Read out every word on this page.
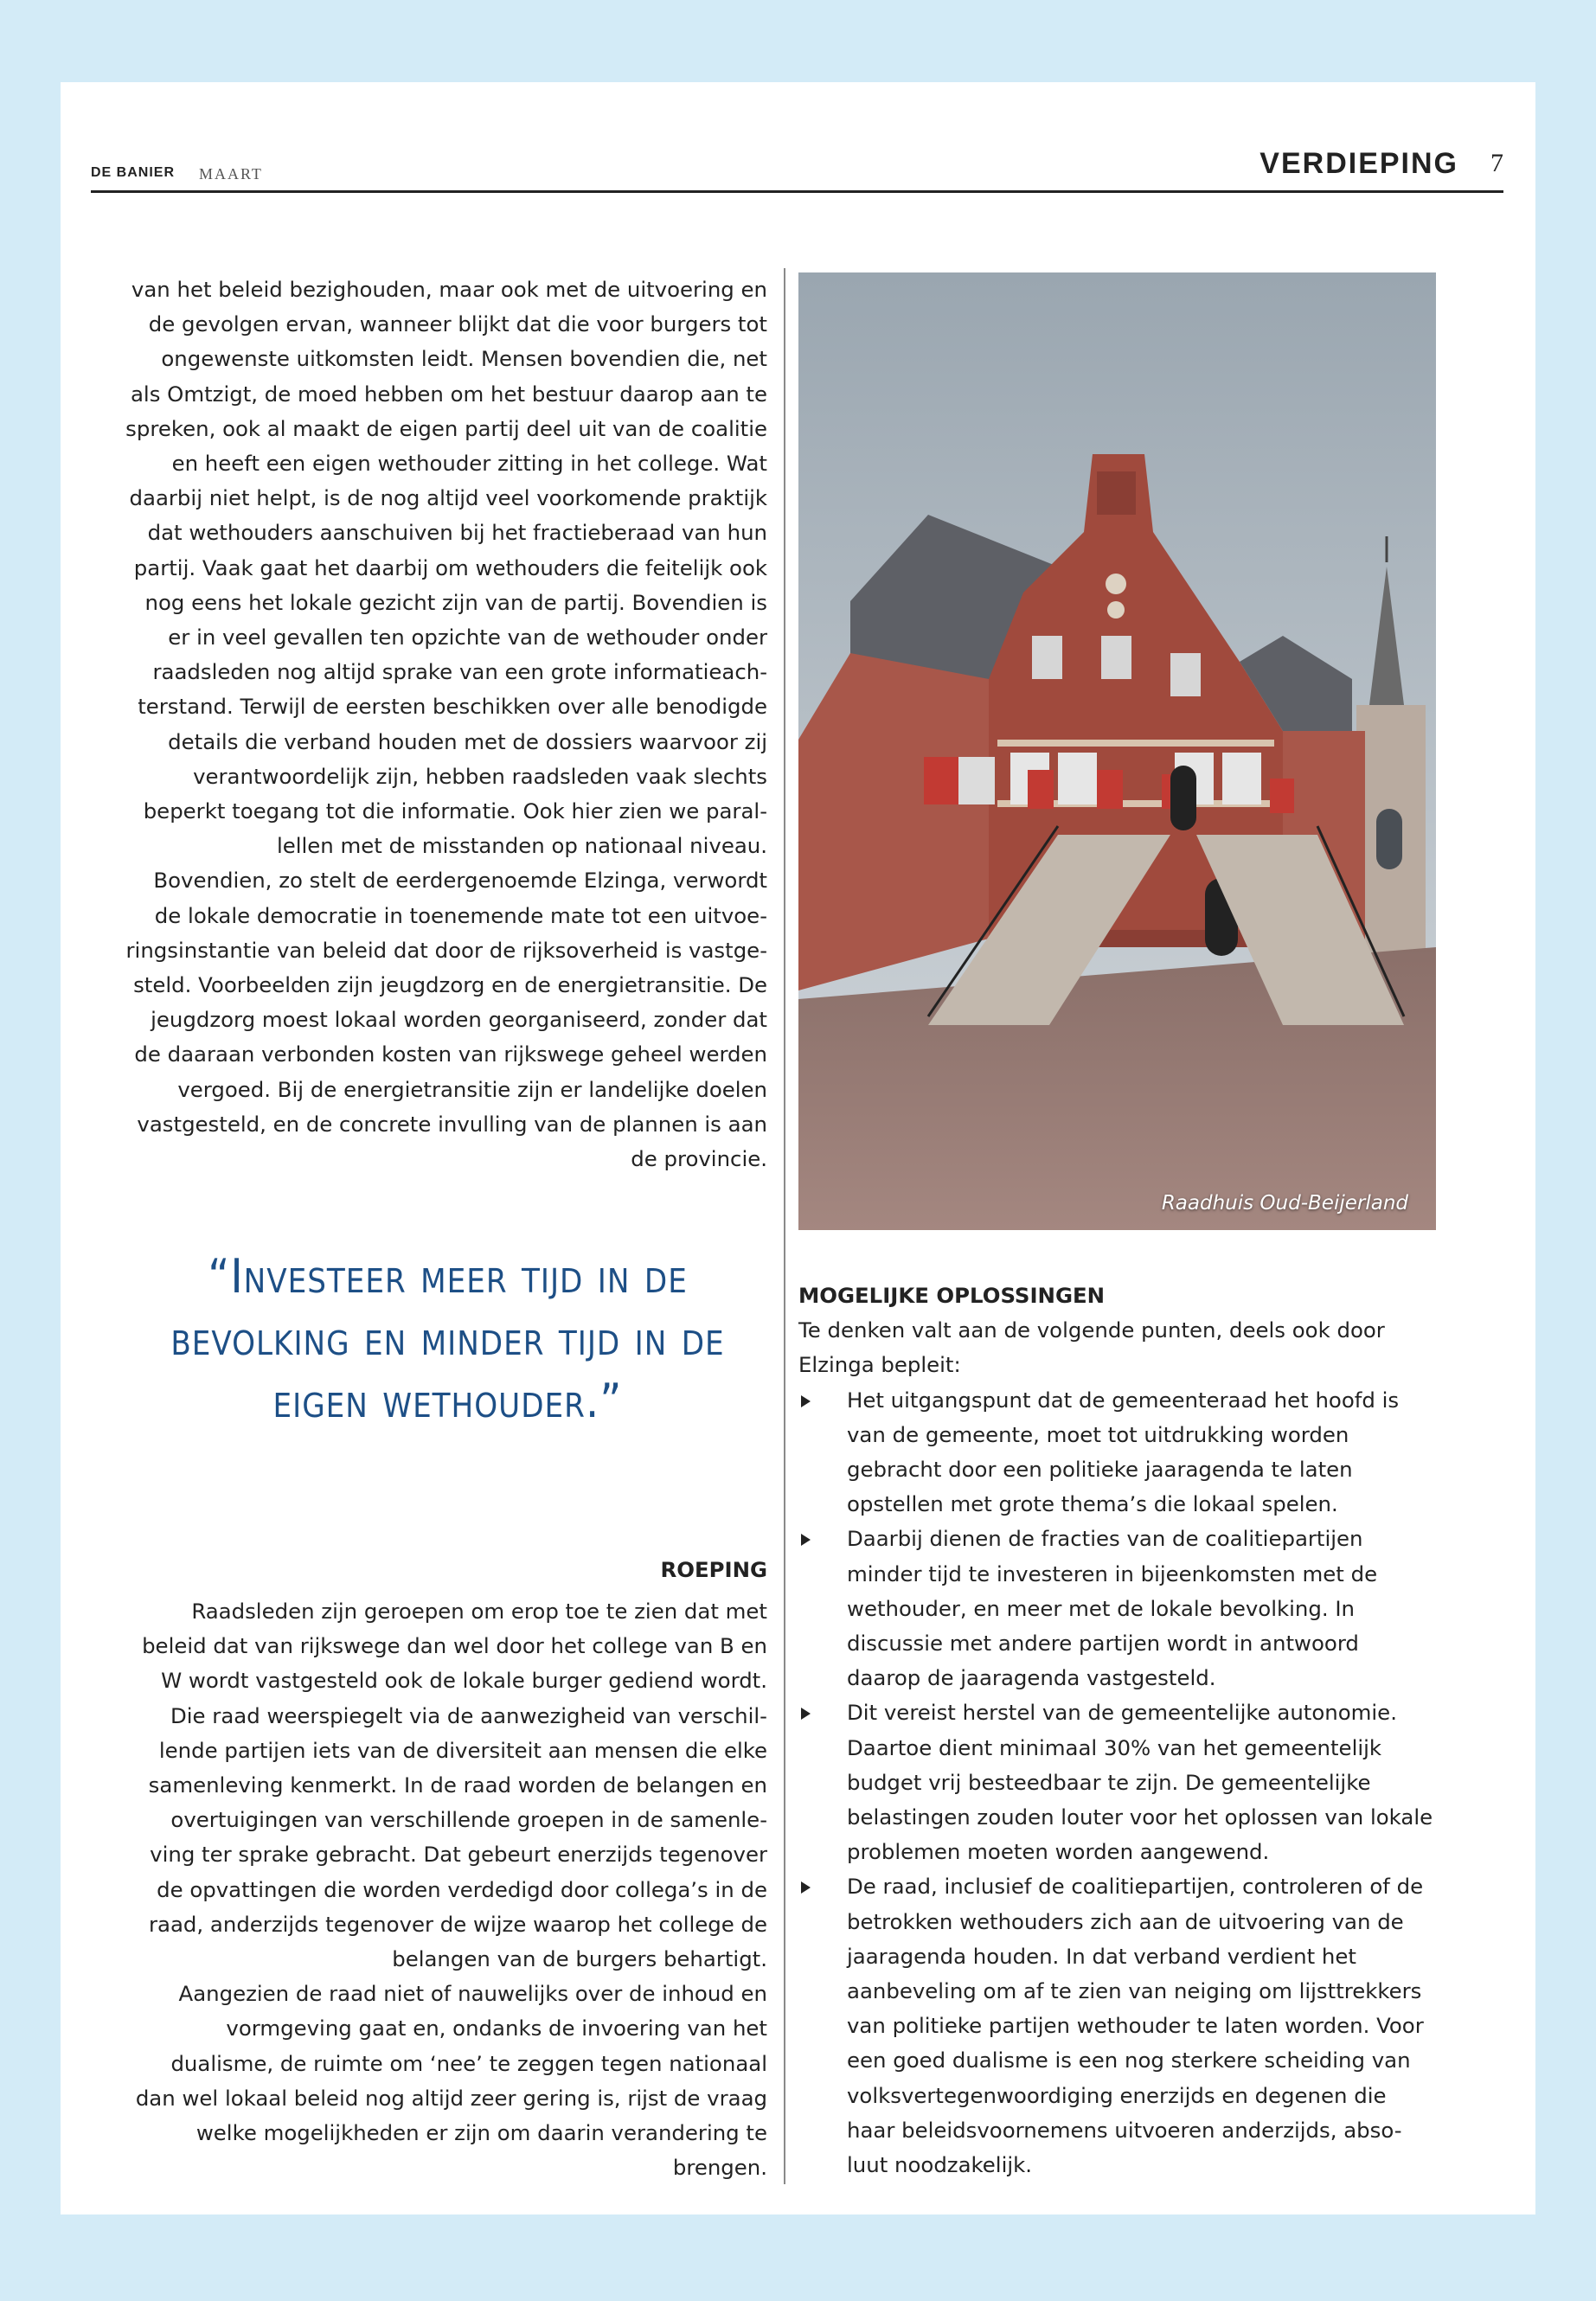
DE BANIER MAART	VERDIEPING 7

van het beleid bezighouden, maar ook met de uitvoering en de gevolgen ervan, wanneer blijkt dat die voor burgers tot ongewenste uitkomsten leidt. Mensen bovendien die, net als Omtzigt, de moed hebben om het bestuur daarop aan te spreken, ook al maakt de eigen partij deel uit van de coalitie en heeft een eigen wethouder zitting in het college. Wat daarbij niet helpt, is de nog altijd veel voorkomende praktijk dat wethouders aanschuiven bij het fractieberaad van hun partij. Vaak gaat het daarbij om wethouders die feitelijk ook nog eens het lokale gezicht zijn van de partij. Bovendien is er in veel gevallen ten opzichte van de wethouder onder raadsleden nog altijd sprake van een grote informatieach- terstand. Terwijl de eersten beschikken over alle benodigde details die verband houden met de dossiers waarvoor zij verantwoordelijk zijn, hebben raadsleden vaak slechts beperkt toegang tot die informatie. Ook hier zien we paral- lellen met de misstanden op nationaal niveau.

Bovendien, zo stelt de eerdergenoemde Elzinga, verwordt de lokale democratie in toenemende mate tot een uitvoe- ringsinstantie van beleid dat door de rijksoverheid is vastge- steld. Voorbeelden zijn jeugdzorg en de energietransitie. De jeugdzorg moest lokaal worden georganiseerd, zonder dat de daaraan verbonden kosten van rijkswege geheel werden vergoed. Bij de energietransitie zijn er landelijke doelen vastgesteld, en de concrete invulling van de plannen is aan de provincie.

Raadhuis Oud-Beijerland
“Investeer meer tijd in de bevolking en minder tijd in de eigen wethouder.”
ROEPING

Raadsleden zijn geroepen om erop toe te zien dat met beleid dat van rijkswege dan wel door het college van B en W wordt vastgesteld ook de lokale burger gediend wordt.

Die raad weerspiegelt via de aanwezigheid van verschil- lende partijen iets van de diversiteit aan mensen die elke samenleving kenmerkt. In de raad worden de belangen en overtuigingen van verschillende groepen in de samenle- ving ter sprake gebracht. Dat gebeurt enerzijds tegenover de opvattingen die worden verdedigd door collega’s in de raad, anderzijds tegenover de wijze waarop het college de belangen van de burgers behartigt.

Aangezien de raad niet of nauwelijks over de inhoud en vormgeving gaat en, ondanks de invoering van het dualisme, de ruimte om ‘nee’ te zeggen tegen nationaal dan wel lokaal beleid nog altijd zeer gering is, rijst de vraag welke mogelijkheden er zijn om daarin verandering te brengen.

MOGELIJKE OPLOSSINGEN

Te denken valt aan de volgende punten, deels ook door Elzinga bepleit:

Het uitgangspunt dat de gemeenteraad het hoofd is van de gemeente, moet tot uitdrukking worden gebracht door een politieke jaaragenda te laten opstellen met grote thema’s die lokaal spelen.
Daarbij dienen de fracties van de coalitiepartijen minder tijd te investeren in bijeenkomsten met de wethouder, en meer met de lokale bevolking. In discussie met andere partijen wordt in antwoord daarop de jaaragenda vastgesteld.
Dit vereist herstel van de gemeentelijke autonomie. Daartoe dient minimaal 30% van het gemeentelijk budget vrij besteedbaar te zijn. De gemeentelijke belastingen zouden louter voor het oplossen van lokale problemen moeten worden aangewend.
De raad, inclusief de coalitiepartijen, controleren of de betrokken wethouders zich aan de uitvoering van de jaaragenda houden. In dat verband verdient het aanbeveling om af te zien van neiging om lijsttrekkers van politieke partijen wethouder te laten worden. Voor een goed dualisme is een nog sterkere scheiding van volksvertegenwoordiging enerzijds en degenen die haar beleidsvoornemens uitvoeren anderzijds, abso- luut noodzakelijk.
